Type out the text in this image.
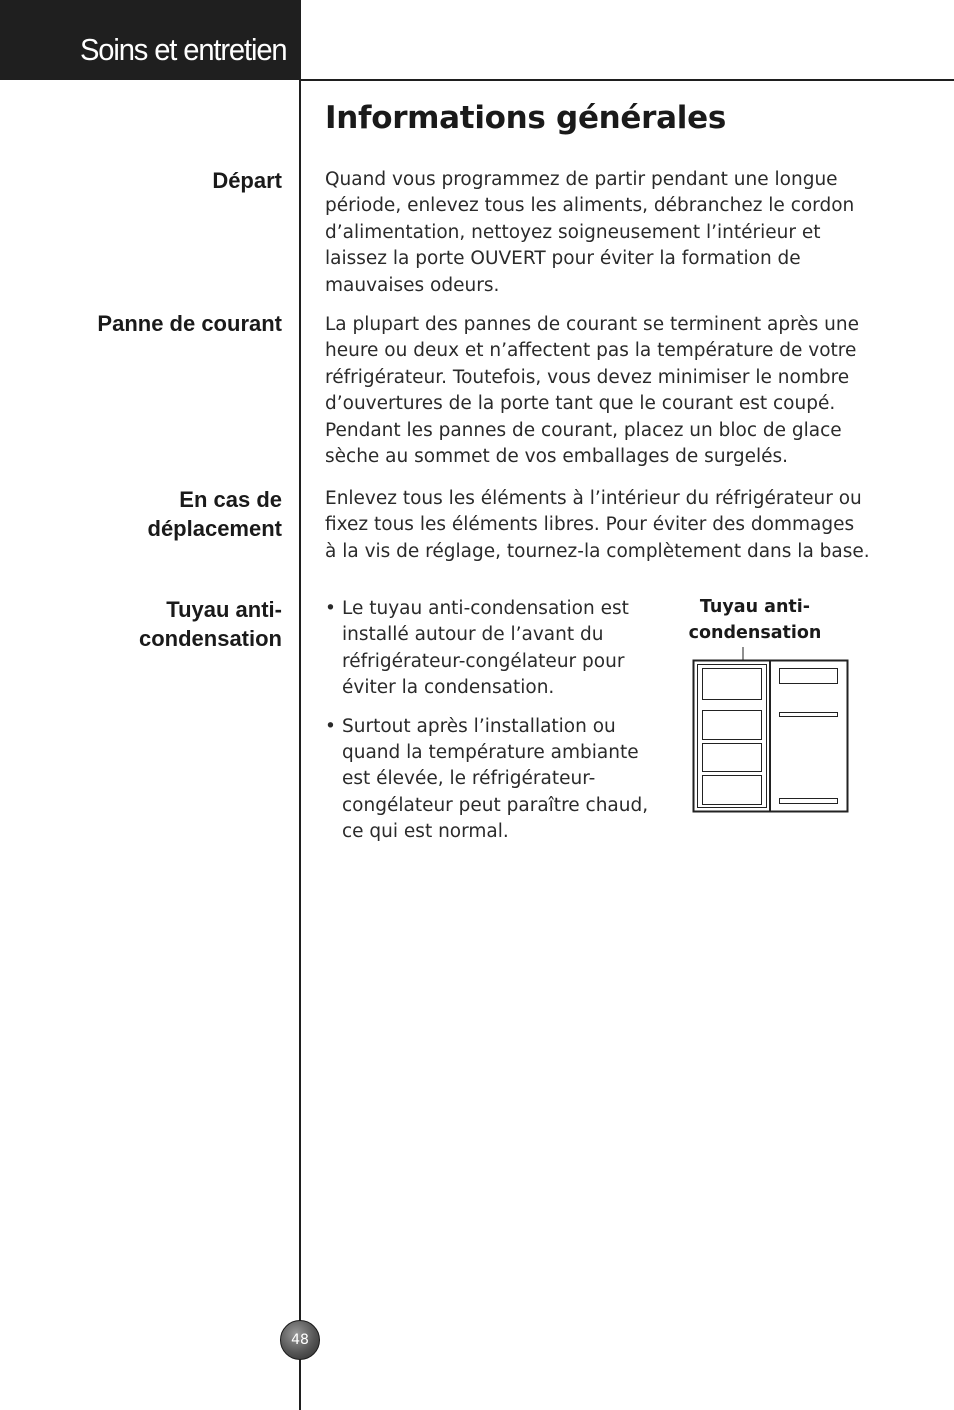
Soins et entretien
Informations générales
Départ Quand vous programmez de partir pendant une longue période, enlevez tous les aliments, débranchez le cordon d’alimentation, nettoyez soigneusement l’intérieur et laissez la porte OUVERT pour éviter la formation de mauvaises odeurs.

Panne de courant La plupart des pannes de courant se terminent après une heure ou deux et n’affectent pas la température de votre réfrigérateur. Toutefois, vous devez minimiser le nombre d’ouvertures de la porte tant que le courant est coupé. Pendant les pannes de courant, placez un bloc de glace sèche au sommet de vos emballages de surgelés.

En cas de
déplacement

Enlevez tous les éléments à l’intérieur du réfrigérateur ou fixez tous les éléments libres. Pour éviter des dommages à la vis de réglage, tournez-la complètement dans la base.

Tuyau anti-
condensation
• Le tuyau anti-condensation est installé autour de l’avant du réfrigérateur-congélateur pour éviter la condensation.
• Surtout après l’installation ou quand la température ambiante est élevée, le réfrigérateur-congélateur peut paraître chaud, ce qui est normal.
Tuyau anti-
condensation
48
